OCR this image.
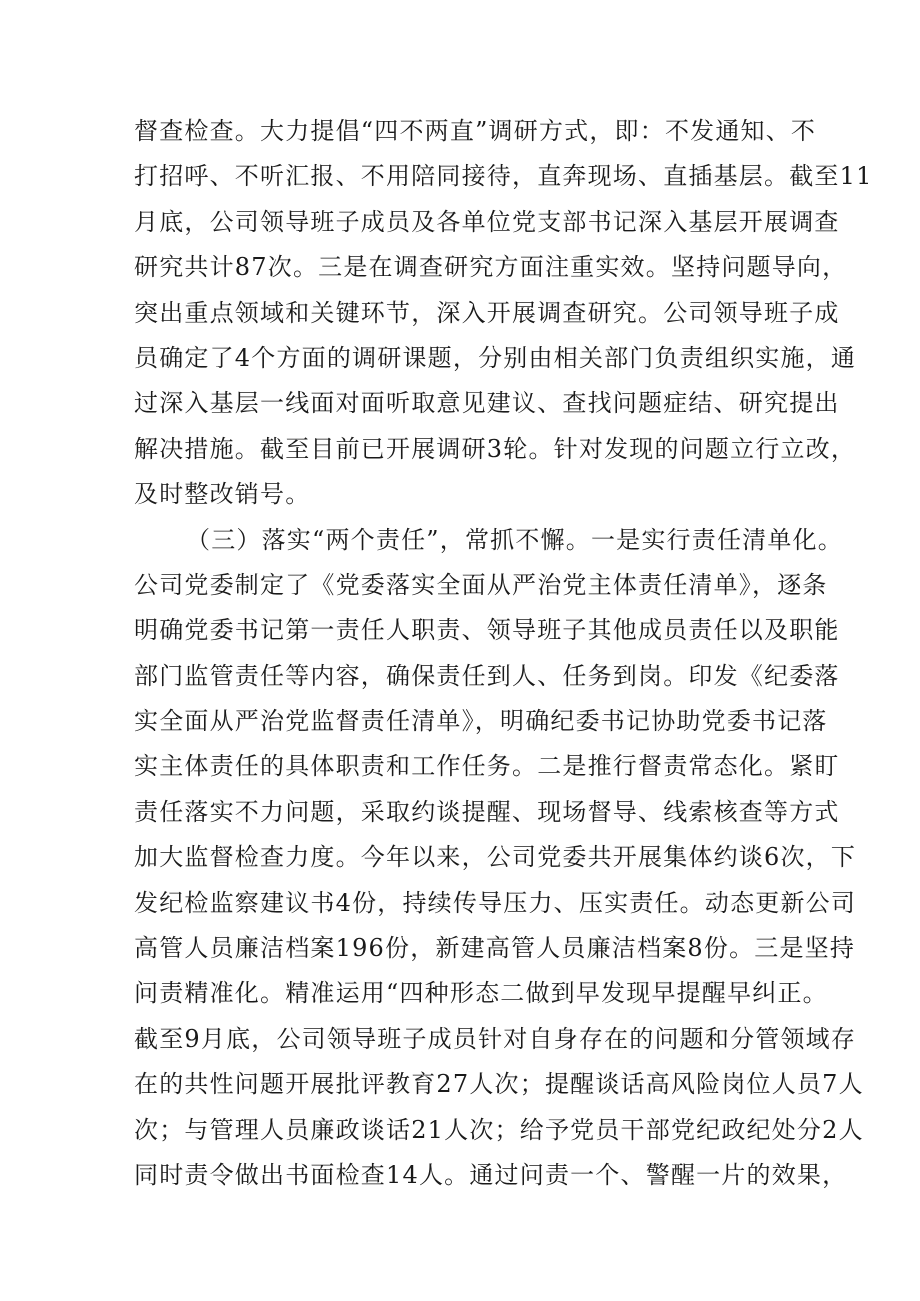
督查检查。大力提倡“四不两直”调研方式，即：不发通知、不
打招呼、不听汇报、不用陪同接待，直奔现场、直插基层。截至11
月底，公司领导班子成员及各单位党支部书记深入基层开展调查
研究共计87次。三是在调查研究方面注重实效。坚持问题导向，
突出重点领域和关键环节，深入开展调查研究。公司领导班子成
员确定了4个方面的调研课题，分别由相关部门负责组织实施，通
过深入基层一线面对面听取意见建议、查找问题症结、研究提出
解决措施。截至目前已开展调研3轮。针对发现的问题立行立改，
及时整改销号。
（三）落实“两个责任”，常抓不懈。一是实行责任清单化。
公司党委制定了《党委落实全面从严治党主体责任清单》，逐条
明确党委书记第一责任人职责、领导班子其他成员责任以及职能
部门监管责任等内容，确保责任到人、任务到岗。印发《纪委落
实全面从严治党监督责任清单》，明确纪委书记协助党委书记落
实主体责任的具体职责和工作任务。二是推行督责常态化。紧盯
责任落实不力问题，采取约谈提醒、现场督导、线索核查等方式
加大监督检查力度。今年以来，公司党委共开展集体约谈6次，下
发纪检监察建议书4份，持续传导压力、压实责任。动态更新公司
高管人员廉洁档案196份，新建高管人员廉洁档案8份。三是坚持
问责精准化。精准运用“四种形态二做到早发现早提醒早纠正。
截至9月底，公司领导班子成员针对自身存在的问题和分管领域存
在的共性问题开展批评教育27人次；提醒谈话高风险岗位人员7人
次；与管理人员廉政谈话21人次；给予党员干部党纪政纪处分2人
同时责令做出书面检查14人。通过问责一个、警醒一片的效果，
